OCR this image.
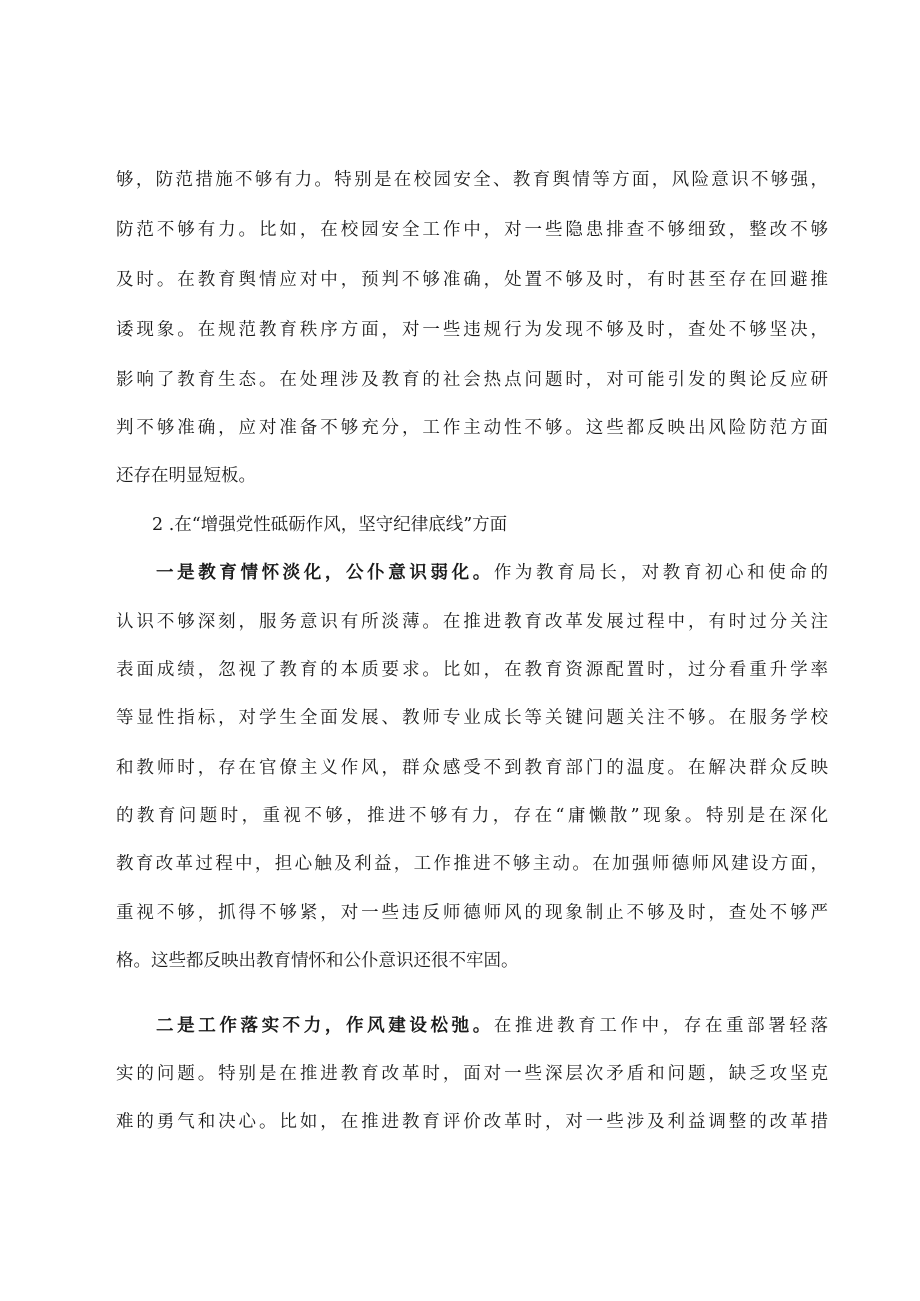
够，防范措施不够有力。特别是在校园安全、教育舆情等方面，风险意识不够强，
防范不够有力。比如，在校园安全工作中，对一些隐患排查不够细致，整改不够
及时。在教育舆情应对中，预判不够准确，处置不够及时，有时甚至存在回避推
诿现象。在规范教育秩序方面，对一些违规行为发现不够及时，查处不够坚决，
影响了教育生态。在处理涉及教育的社会热点问题时，对可能引发的舆论反应研
判不够准确，应对准备不够充分，工作主动性不够。这些都反映出风险防范方面
还存在明显短板。
2 .在“增强党性砥砺作风，坚守纪律底线”方面
一是教育情怀淡化，公仆意识弱化。作为教育局长，对教育初心和使命的
认识不够深刻，服务意识有所淡薄。在推进教育改革发展过程中，有时过分关注
表面成绩，忽视了教育的本质要求。比如，在教育资源配置时，过分看重升学率
等显性指标，对学生全面发展、教师专业成长等关键问题关注不够。在服务学校
和教师时，存在官僚主义作风，群众感受不到教育部门的温度。在解决群众反映
的教育问题时，重视不够，推进不够有力，存在“庸懒散”现象。特别是在深化
教育改革过程中，担心触及利益，工作推进不够主动。在加强师德师风建设方面，
重视不够，抓得不够紧，对一些违反师德师风的现象制止不够及时，查处不够严
格。这些都反映出教育情怀和公仆意识还很不牢固。
二是工作落实不力，作风建设松弛。在推进教育工作中，存在重部署轻落
实的问题。特别是在推进教育改革时，面对一些深层次矛盾和问题，缺乏攻坚克
难的勇气和决心。比如，在推进教育评价改革时，对一些涉及利益调整的改革措
